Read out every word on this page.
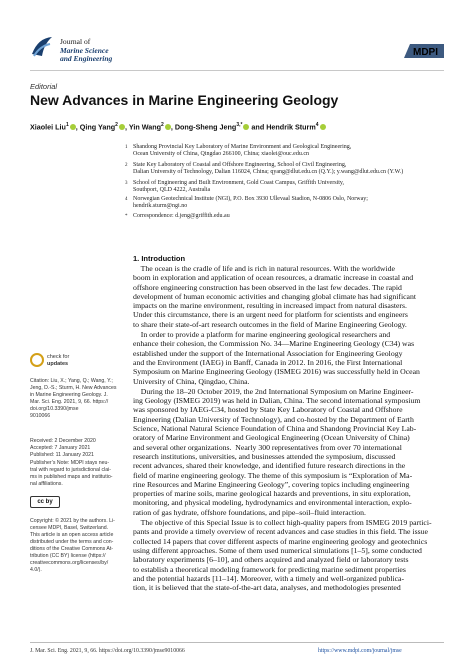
Journal of
Marine Science
and Engineering
MDPI
Editorial
New Advances in Marine Engineering Geology
Xiaolei Liu$^1$ , Qing Yang$^2$ , Yin Wang$^2$ , Dong-Sheng Jeng$^{3,*}$ and Hendrik Sturm$^4$
1 Shandong Provincial Key Laboratory of Marine Environment and Geological Engineering,
Ocean University of China, Qingdao 266100, China; xiaolei@ouc.edu.cn
2 State Key Laboratory of Coastal and Offshore Engineering, School of Civil Engineering,
Dalian University of Technology, Dalian 116024, China; qyang@dlut.edu.cn (Q.Y.); y.wang@dlut.edu.cn (Y.W.)
3 School of Engineering and Built Environment, Gold Coast Campus, Griffith University,
Southport, QLD 4222, Australia
4 Norwegian Geotechnical Institute (NGI), P.O. Box 3930 Ullevaal Stadion, N-0806 Oslo, Norway;
hendrik.sturm@ngi.no
* Correspondence: d.jeng@griffith.edu.au
check for
updates
Citation: Liu, X.; Yang, Q.; Wang, Y.;
Jeng, D.-S.; Sturm, H. New Advances
in Marine Engineering Geology. J.
Mar. Sci. Eng. 2021, 9, 66. https://
doi.org/10.3390/jmse
9010066
Received: 2 December 2020
Accepted: 7 January 2021
Published: 11 January 2021
Publisher’s Note: MDPI stays neu-
tral with regard to jurisdictional clai-
ms in published maps and institutio-
nal affiliations.
cc by
Copyright: © 2021 by the authors. Li-
censee MDPI, Basel, Switzerland.
This article is an open access article
distributed under the terms and con-
ditions of the Creative Commons At-
tribution (CC BY) license (https://
creativecommons.org/licenses/by/
4.0/).
1. Introduction

The ocean is the cradle of life and is rich in natural resources. With the worldwide

boom in exploration and application of ocean resources, a dramatic increase in coastal and

offshore engineering construction has been observed in the last few decades. The rapid

development of human economic activities and changing global climate has had significant

impacts on the marine environment, resulting in increased impact from natural disasters.

Under this circumstance, there is an urgent need for platform for scientists and engineers

to share their state-of-art research outcomes in the field of Marine Engineering Geology.

In order to provide a platform for marine engineering geological researchers and

enhance their cohesion, the Commission No. 34—Marine Engineering Geology (C34) was

established under the support of the International Association for Engineering Geology

and the Environment (IAEG) in Banff, Canada in 2012. In 2016, the First International

Symposium on Marine Engineering Geology (ISMEG 2016) was successfully held in Ocean

University of China, Qingdao, China.

During the 18–20 October 2019, the 2nd International Symposium on Marine Engineer-

ing Geology (ISMEG 2019) was held in Dalian, China. The second international symposium

was sponsored by IAEG-C34, hosted by State Key Laboratory of Coastal and Offshore

Engineering (Dalian University of Technology), and co-hosted by the Department of Earth

Science, National Natural Science Foundation of China and Shandong Provincial Key Lab-

oratory of Marine Environment and Geological Engineering (Ocean University of China)

and several other organizations.  Nearly 300 representatives from over 70 international

research institutions, universities, and businesses attended the symposium, discussed

recent advances, shared their knowledge, and identified future research directions in the

field of marine engineering geology. The theme of this symposium is “Exploration of Ma-

rine Resources and Marine Engineering Geology”, covering topics including engineering

properties of marine soils, marine geological hazards and preventions, in situ exploration,

monitoring, and physical modeling, hydrodynamics and environmental interaction, explo-

ration of gas hydrate, offshore foundations, and pipe–soil–fluid interaction.

The objective of this Special Issue is to collect high-quality papers from ISMEG 2019 partici-

pants and provide a timely overview of recent advances and case studies in this field. The issue

collected 14 papers that cover different aspects of marine engineering geology and geotechnics

using different approaches. Some of them used numerical simulations [1–5], some conducted

laboratory experiments [6–10], and others acquired and analyzed field or laboratory tests

to establish a theoretical modeling framework for predicting marine sediment properties

and the potential hazards [11–14]. Moreover, with a timely and well-organized publica-

tion, it is believed that the state-of-the-art data, analyses, and methodologies presented

J. Mar. Sci. Eng. 2021, 9, 66. https://doi.org/10.3390/jmse9010066	https://www.mdpi.com/journal/jmse
